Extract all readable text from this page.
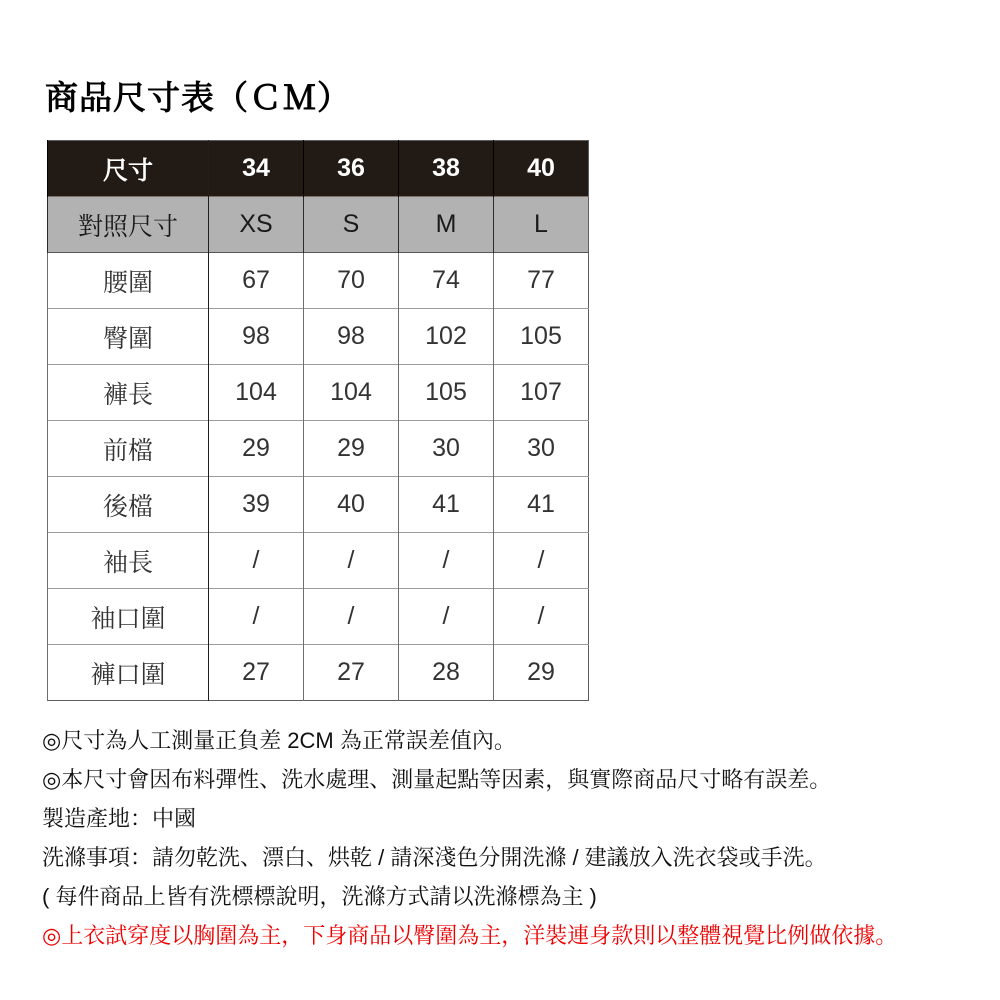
商品尺寸表（ＣＭ）
尺寸	34	36	38	40
對照尺寸	XS	S	M	L
腰圍	67	70	74	77
臀圍	98	98	102	105
褲長	104	104	105	107
前檔	29	29	30	30
後檔	39	40	41	41
袖長	/	/	/	/
袖口圍	/	/	/	/
褲口圍	27	27	28	29

◎尺寸為人工測量正負差 2CM 為正常誤差值內。

◎本尺寸會因布料彈性、洗水處理、測量起點等因素，與實際商品尺寸略有誤差。

製造產地：中國

洗滌事項：請勿乾洗、漂白、烘乾 / 請深淺色分開洗滌 / 建議放入洗衣袋或手洗。

( 每件商品上皆有洗標標說明，洗滌方式請以洗滌標為主 )

◎上衣試穿度以胸圍為主，下身商品以臀圍為主，洋裝連身款則以整體視覺比例做依據。
